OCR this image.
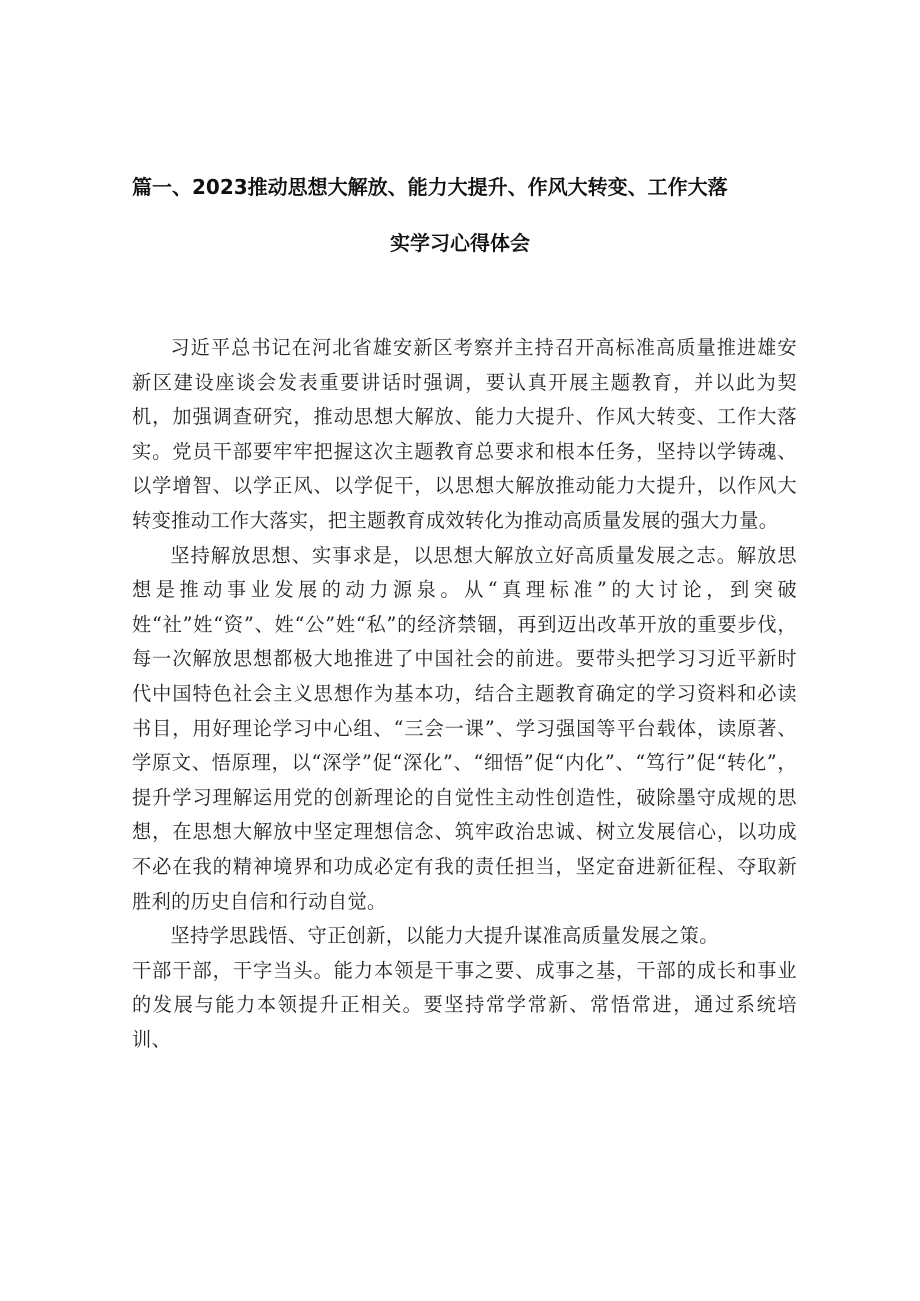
篇一、2023推动思想大解放、能力大提升、作风大转变、工作大落
实学习心得体会

习近平总书记在河北省雄安新区考察并主持召开高标准高质量推进雄安新区建设座谈会发表重要讲话时强调，要认真开展主题教育，并以此为契机，加强调查研究，推动思想大解放、能力大提升、作风大转变、工作大落实。党员干部要牢牢把握这次主题教育总要求和根本任务，坚持以学铸魂、以学增智、以学正风、以学促干，以思想大解放推动能力大提升，以作风大转变推动工作大落实，把主题教育成效转化为推动高质量发展的强大力量。

坚持解放思想、实事求是，以思想大解放立好高质量发展之志。解放思想是推动事业发展的动力源泉。从“真理标准”的大讨论，到突破姓“社”姓“资”、姓“公”姓“私”的经济禁锢，再到迈出改革开放的重要步伐，每一次解放思想都极大地推进了中国社会的前进。要带头把学习习近平新时代中国特色社会主义思想作为基本功，结合主题教育确定的学习资料和必读书目，用好理论学习中心组、“三会一课”、学习强国等平台载体，读原著、学原文、悟原理，以“深学”促“深化”、“细悟”促“内化”、“笃行”促“转化”，提升学习理解运用党的创新理论的自觉性主动性创造性，破除墨守成规的思想，在思想大解放中坚定理想信念、筑牢政治忠诚、树立发展信心，以功成不必在我的精神境界和功成必定有我的责任担当，坚定奋进新征程、夺取新胜利的历史自信和行动自觉。

坚持学思践悟、守正创新，以能力大提升谋准高质量发展之策。

干部干部，干字当头。能力本领是干事之要、成事之基，干部的成长和事业的发展与能力本领提升正相关。要坚持常学常新、常悟常进，通过系统培训、
